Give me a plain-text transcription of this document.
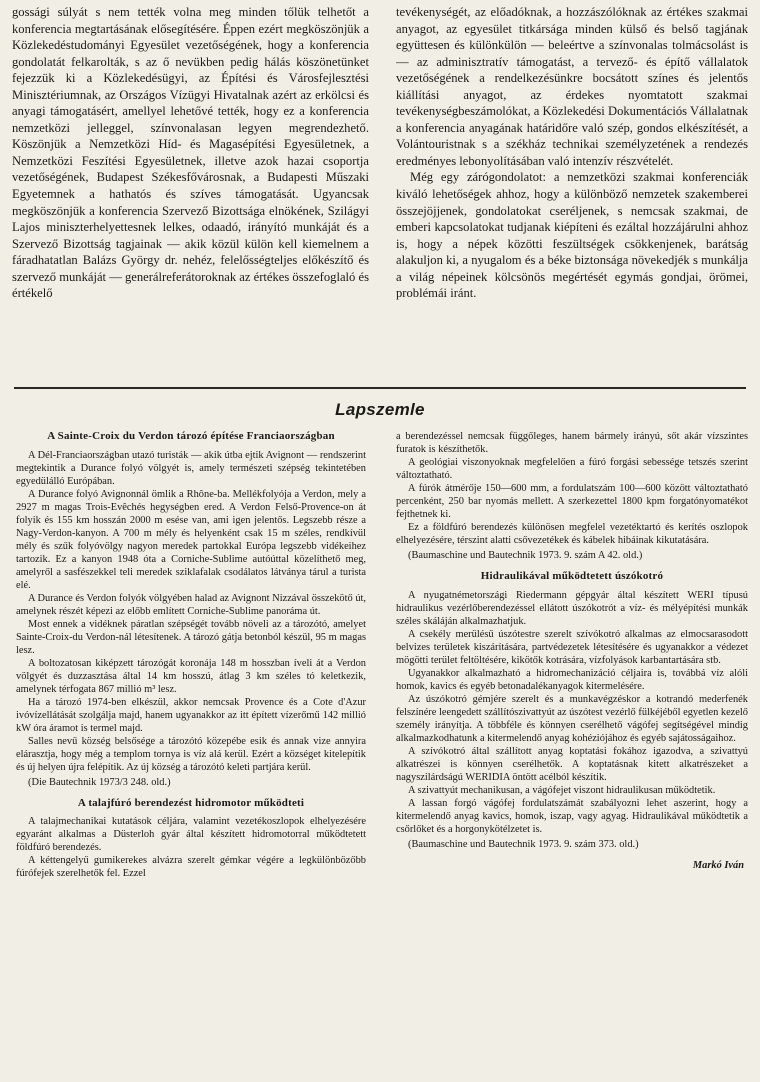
gossági súlyát s nem tették volna meg minden tőlük telhetőt a konferencia megtartásának elősegítésére. Éppen ezért megköszönjük a Közlekedéstudományi Egyesület vezetőségének, hogy a konferencia gondolatát felkarolták, s az ő nevükben pedig hálás köszönetünket fejezzük ki a Közlekedésügyi, az Építési és Városfejlesztési Minisztériumnak, az Országos Vízügyi Hivatalnak azért az erkölcsi és anyagi támogatásért, amellyel lehetővé tették, hogy ez a konferencia nemzetközi jelleggel, színvonalasan legyen megrendezhető. Köszönjük a Nemzetközi Híd- és Magasépítési Egyesületnek, a Nemzetközi Feszítési Egyesületnek, illetve azok hazai csoportja vezetőségének, Budapest Székesfővárosnak, a Budapesti Műszaki Egyetemnek a hathatós és szíves támogatását. Ugyancsak megköszönjük a konferencia Szervező Bizottsága elnökének, Szilágyi Lajos miniszterhelyettesnek lelkes, odaadó, irányító munkáját és a Szervező Bizottság tagjainak — akik közül külön kell kiemelnem a fáradhatatlan Balázs György dr. nehéz, felelősségteljes előkészítő és szervező munkáját — generálreferátoroknak az értékes összefoglaló és értékelő

tevékenységét, az előadóknak, a hozzászólóknak az értékes szakmai anyagot, az egyesület titkársága minden külső és belső tagjának együttesen és különkülön — beleértve a színvonalas tolmácsolást is — az adminisztratív támogatást, a tervező- és építő vállalatok vezetőségének a rendelkezésünkre bocsátott színes és jelentős kiállítási anyagot, az érdekes nyomtatott szakmai tevékenységbeszámolókat, a Közlekedési Dokumentációs Vállalatnak a konferencia anyagának határidőre való szép, gondos elkészítését, a Volántouristnak s a székház technikai személyzetének a rendezés eredményes lebonyolításában való intenzív részvételét.

Még egy zárógondolatot: a nemzetközi szakmai konferenciák kiváló lehetőségek ahhoz, hogy a különböző nemzetek szakemberei összejöjjenek, gondolatokat cseréljenek, s nemcsak szakmai, de emberi kapcsolatokat tudjanak kiépíteni és ezáltal hozzájárulni ahhoz is, hogy a népek közötti feszültségek csökkenjenek, barátság alakuljon ki, a nyugalom és a béke biztonsága növekedjék s munkálja a világ népeinek kölcsönös megértését egymás gondjai, örömei, problémái iránt.

Lapszemle
A Sainte-Croix du Verdon tározó építése Franciaországban

A Dél-Franciaországban utazó turisták — akik útba ejtik Avignont — rendszerint megtekintik a Durance folyó völgyét is, amely természeti szépség tekintetében egyedülálló Európában.

A Durance folyó Avignonnál ömlik a Rhône-ba. Mellékfolyója a Verdon, mely a 2927 m magas Trois-Evêchés hegységben ered. A Verdon Felső-Provence-on át folyik és 155 km hosszán 2000 m esése van, ami igen jelentős. Legszebb része a Nagy-Verdon-kanyon. A 700 m mély és helyenként csak 15 m széles, rendkívül mély és szűk folyóvölgy nagyon meredek partokkal Európa legszebb vidékeihez tartozik. Ez a kanyon 1948 óta a Corniche-Sublime autóúttal közelíthető meg, amelyről a sasfészekkel teli meredek sziklafalak csodálatos látványa tárul a turista elé.

A Durance és Verdon folyók völgyében halad az Avignont Nizzával összekötő út, amelynek részét képezi az előbb említett Corniche-Sublime panoráma út.

Most ennek a vidéknek páratlan szépségét tovább növeli az a tározótó, amelyet Sainte-Croix-du Verdon-nál létesítenek. A tározó gátja betonból készül, 95 m magas lesz.

A boltozatosan kiképzett tározógát koronája 148 m hosszban íveli át a Verdon völgyét és duzzasztása által 14 km hosszú, átlag 3 km széles tó keletkezik, amelynek térfogata 867 millió m³ lesz.

Ha a tározó 1974-ben elkészül, akkor nemcsak Provence és a Cote d'Azur ivóvízellátását szolgálja majd, hanem ugyanakkor az itt épített vízerőmű 142 millió kW óra áramot is termel majd.

Salles nevű község belsősége a tározótó közepébe esik és annak vize annyira elárasztja, hogy még a templom tornya is víz alá kerül. Ezért a községet kitelepítik és új helyen újra felépítik. Az új község a tározótó keleti partjára kerül.

(Die Bautechnik 1973/3 248. old.)

A talajfúró berendezést hidromotor működteti

A talajmechanikai kutatások céljára, valamint vezetékoszlopok elhelyezésére egyaránt alkalmas a Düsterloh gyár által készített hidromotorral működtetett földfúró berendezés.

A kéttengelyű gumikerekes alvázra szerelt gémkar végére a legkülönbözőbb fúrófejek szerelhetők fel. Ezzel

a berendezéssel nemcsak függőleges, hanem bármely irányú, sőt akár vízszintes furatok is készíthetők.

A geológiai viszonyoknak megfelelően a fúró forgási sebessége tetszés szerint változtatható.

A fúrók átmérője 150—600 mm, a fordulatszám 100—600 között változtatható percenként, 250 bar nyomás mellett. A szerkezettel 1800 kpm forgatónyomatékot fejthetnek ki.

Ez a földfúró berendezés különösen megfelel vezetéktartó és kerítés oszlopok elhelyezésére, térszint alatti csővezetékek és kábelek hibáinak kikutatására.

(Baumaschine und Bautechnik 1973. 9. szám A 42. old.)

Hidraulikával működtetett úszókotró

A nyugatnémetországi Riedermann gépgyár által készített WERI típusú hidraulikus vezérlőberendezéssel ellátott úszókotrót a víz- és mélyépítési munkák széles skáláján alkalmazhatjuk.

A csekély merülésű úszótestre szerelt szívókotró alkalmas az elmocsarasodott belvizes területek kiszárítására, partvédezetek létesítésére és ugyanakkor a védezet mögötti terület feltöltésére, kikötők kotrására, vízfolyások karbantartására stb.

Ugyanakkor alkalmazható a hidromechanizáció céljaira is, továbbá víz alóli homok, kavics és egyéb betonadalékanyagok kitermelésére.

Az úszókotró gémjére szerelt és a munkavégzéskor a kotrandó mederfenék felszínére leengedett szállítószivattyút az úszótest vezérlő fülkéjéből egyetlen kezelő személy irányítja. A többféle és könnyen cserélhető vágófej segítségével mindig alkalmazkodhatunk a kitermelendő anyag kohéziójához és egyéb sajátosságaihoz.

A szívókotró által szállított anyag koptatási fokához igazodva, a szivattyú alkatrészei is könnyen cserélhetők. A koptatásnak kitett alkatrészeket a nagyszilárdságú WERIDIA öntött acélból készítik.

A szivattyút mechanikusan, a vágófejet viszont hidraulikusan működtetik.

A lassan forgó vágófej fordulatszámát szabályozni lehet aszerint, hogy a kitermelendő anyag kavics, homok, iszap, vagy agyag. Hidraulikával működtetik a csőrlőket és a horgonykötélzetet is.

(Baumaschine und Bautechnik 1973. 9. szám 373. old.)

Markó Iván
